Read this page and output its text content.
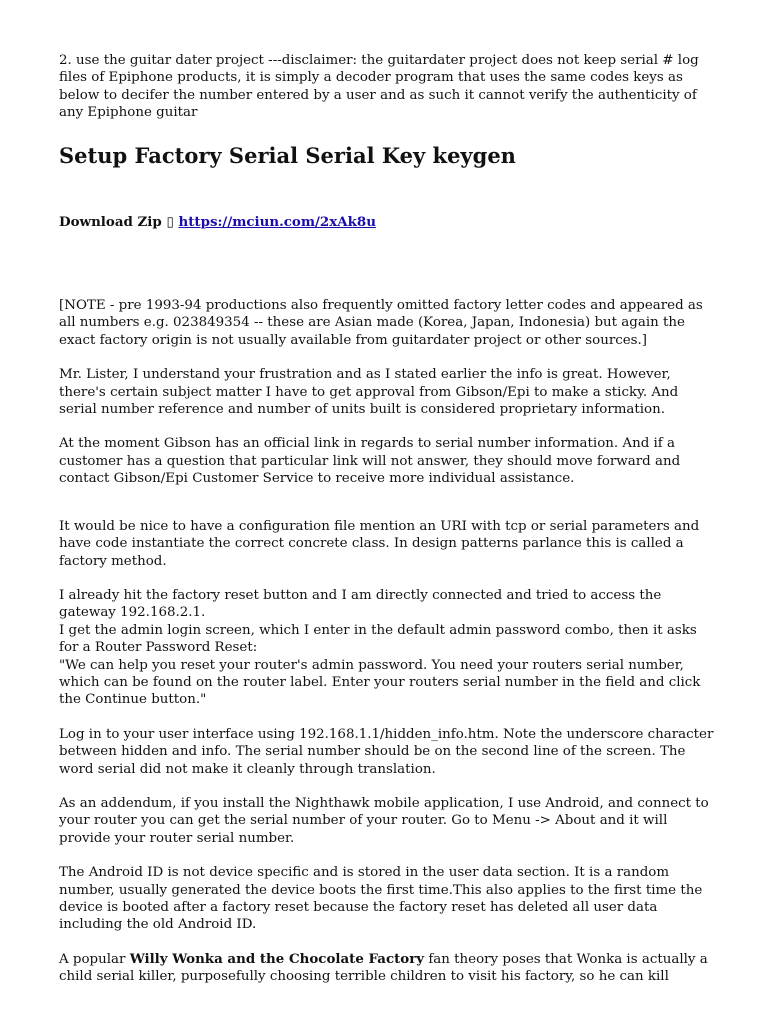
2. use the guitar dater project ---disclaimer: the guitardater project does not keep serial # log files of Epiphone products, it is simply a decoder program that uses the same codes keys as below to decifer the number entered by a user and as such it cannot verify the authenticity of any Epiphone guitar

Setup Factory Serial Serial Key keygen
Download Zip ▯ https://mciun.com/2xAk8u

[NOTE - pre 1993-94 productions also frequently omitted factory letter codes and appeared as all numbers e.g. 023849354 -- these are Asian made (Korea, Japan, Indonesia) but again the exact factory origin is not usually available from guitardater project or other sources.]

Mr. Lister, I understand your frustration and as I stated earlier the info is great. However, there's certain subject matter I have to get approval from Gibson/Epi to make a sticky. And serial number reference and number of units built is considered proprietary information.

At the moment Gibson has an official link in regards to serial number information. And if a customer has a question that particular link will not answer, they should move forward and contact Gibson/Epi Customer Service to receive more individual assistance.

It would be nice to have a configuration file mention an URI with tcp or serial parameters and have code instantiate the correct concrete class. In design patterns parlance this is called a factory method.

I already hit the factory reset button and I am directly connected and tried to access the gateway 192.168.2.1.

I get the admin login screen, which I enter in the default admin password combo, then it asks for a Router Password Reset:

"We can help you reset your router's admin password. You need your routers serial number, which can be found on the router label. Enter your routers serial number in the field and click the Continue button."

Log in to your user interface using 192.168.1.1/hidden_info.htm. Note the underscore character between hidden and info. The serial number should be on the second line of the screen. The word serial did not make it cleanly through translation.

As an addendum, if you install the Nighthawk mobile application, I use Android, and connect to your router you can get the serial number of your router. Go to Menu -> About and it will provide your router serial number.

The Android ID is not device specific and is stored in the user data section. It is a random number, usually generated the device boots the first time.This also applies to the first time the device is booted after a factory reset because the factory reset has deleted all user data including the old Android ID.

A popular Willy Wonka and the Chocolate Factory fan theory poses that Wonka is actually a child serial killer, purposefully choosing terrible children to visit his factory, so he can kill
